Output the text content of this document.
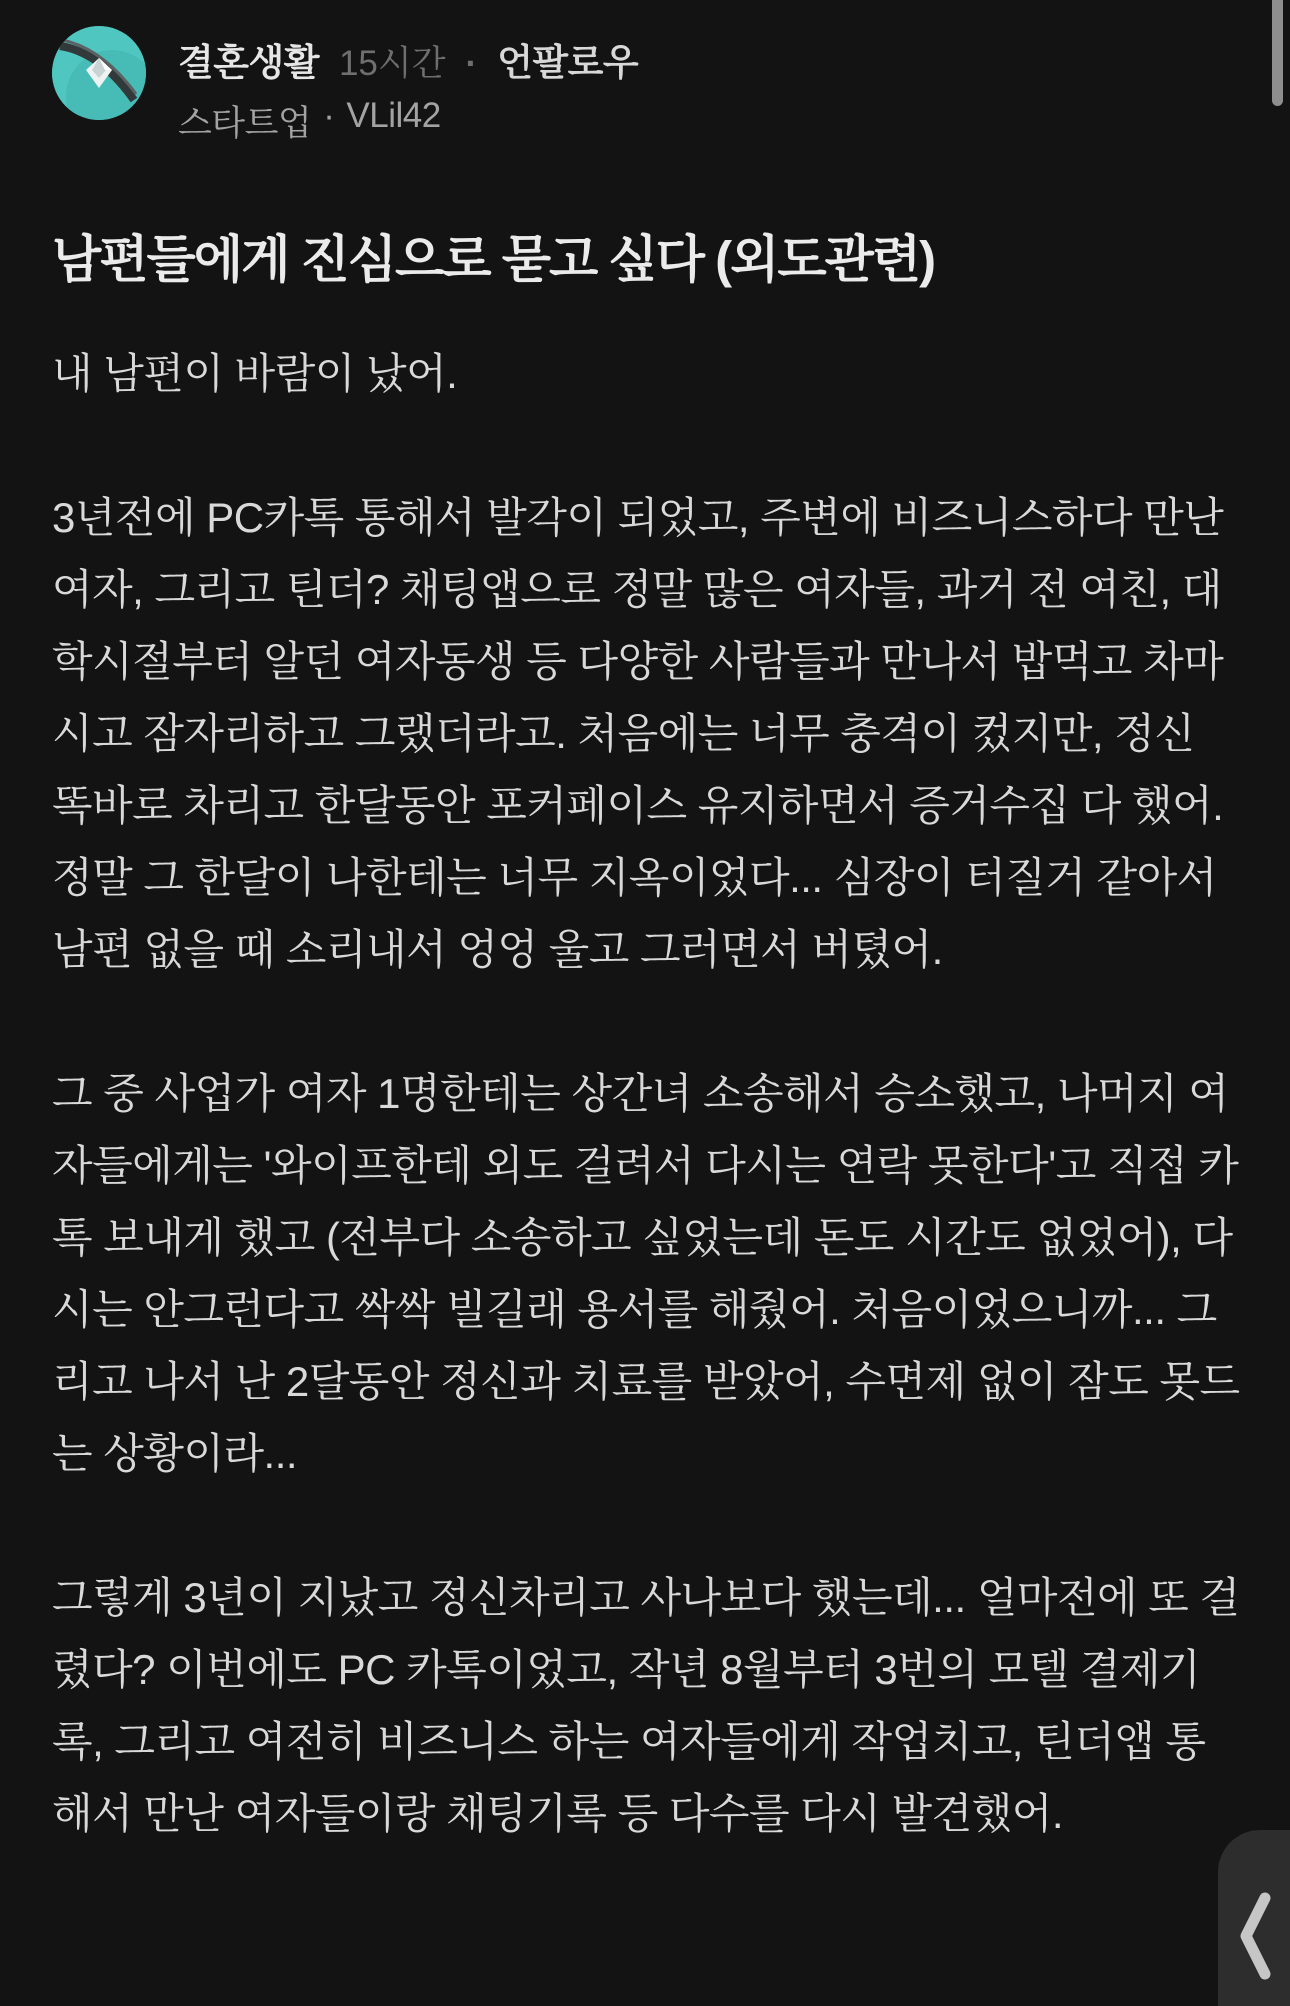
결혼생활 15시간 · 언팔로우
스타트업 · VLil42
남편들에게 진심으로 묻고 싶다 (외도관련)

내 남편이 바람이 났어.

3년전에 PC카톡 통해서 발각이 되었고, 주변에 비즈니스하다 만난여자, 그리고 틴더? 채팅앱으로 정말 많은 여자들, 과거 전 여친, 대학시절부터 알던 여자동생 등 다양한 사람들과 만나서 밥먹고 차마시고 잠자리하고 그랬더라고. 처음에는 너무 충격이 컸지만, 정신 똑바로 차리고 한달동안 포커페이스 유지하면서 증거수집 다 했어. 정말 그 한달이 나한테는 너무 지옥이었다... 심장이 터질거 같아서 남편 없을 때 소리내서 엉엉 울고 그러면서 버텼어.

그 중 사업가 여자 1명한테는 상간녀 소송해서 승소했고, 나머지 여자들에게는 '와이프한테 외도 걸려서 다시는 연락 못한다'고 직접 카톡 보내게 했고 (전부다 소송하고 싶었는데 돈도 시간도 없었어), 다시는 안그런다고 싹싹 빌길래 용서를 해줬어. 처음이었으니까... 그리고 나서 난 2달동안 정신과 치료를 받았어, 수면제 없이 잠도 못드는 상황이라...

그렇게 3년이 지났고 정신차리고 사나보다 했는데... 얼마전에 또 걸렸다? 이번에도 PC 카톡이었고, 작년 8월부터 3번의 모텔 결제기록, 그리고 여전히 비즈니스 하는 여자들에게 작업치고, 틴더앱 통해서 만난 여자들이랑 채팅기록 등 다수를 다시 발견했어.
